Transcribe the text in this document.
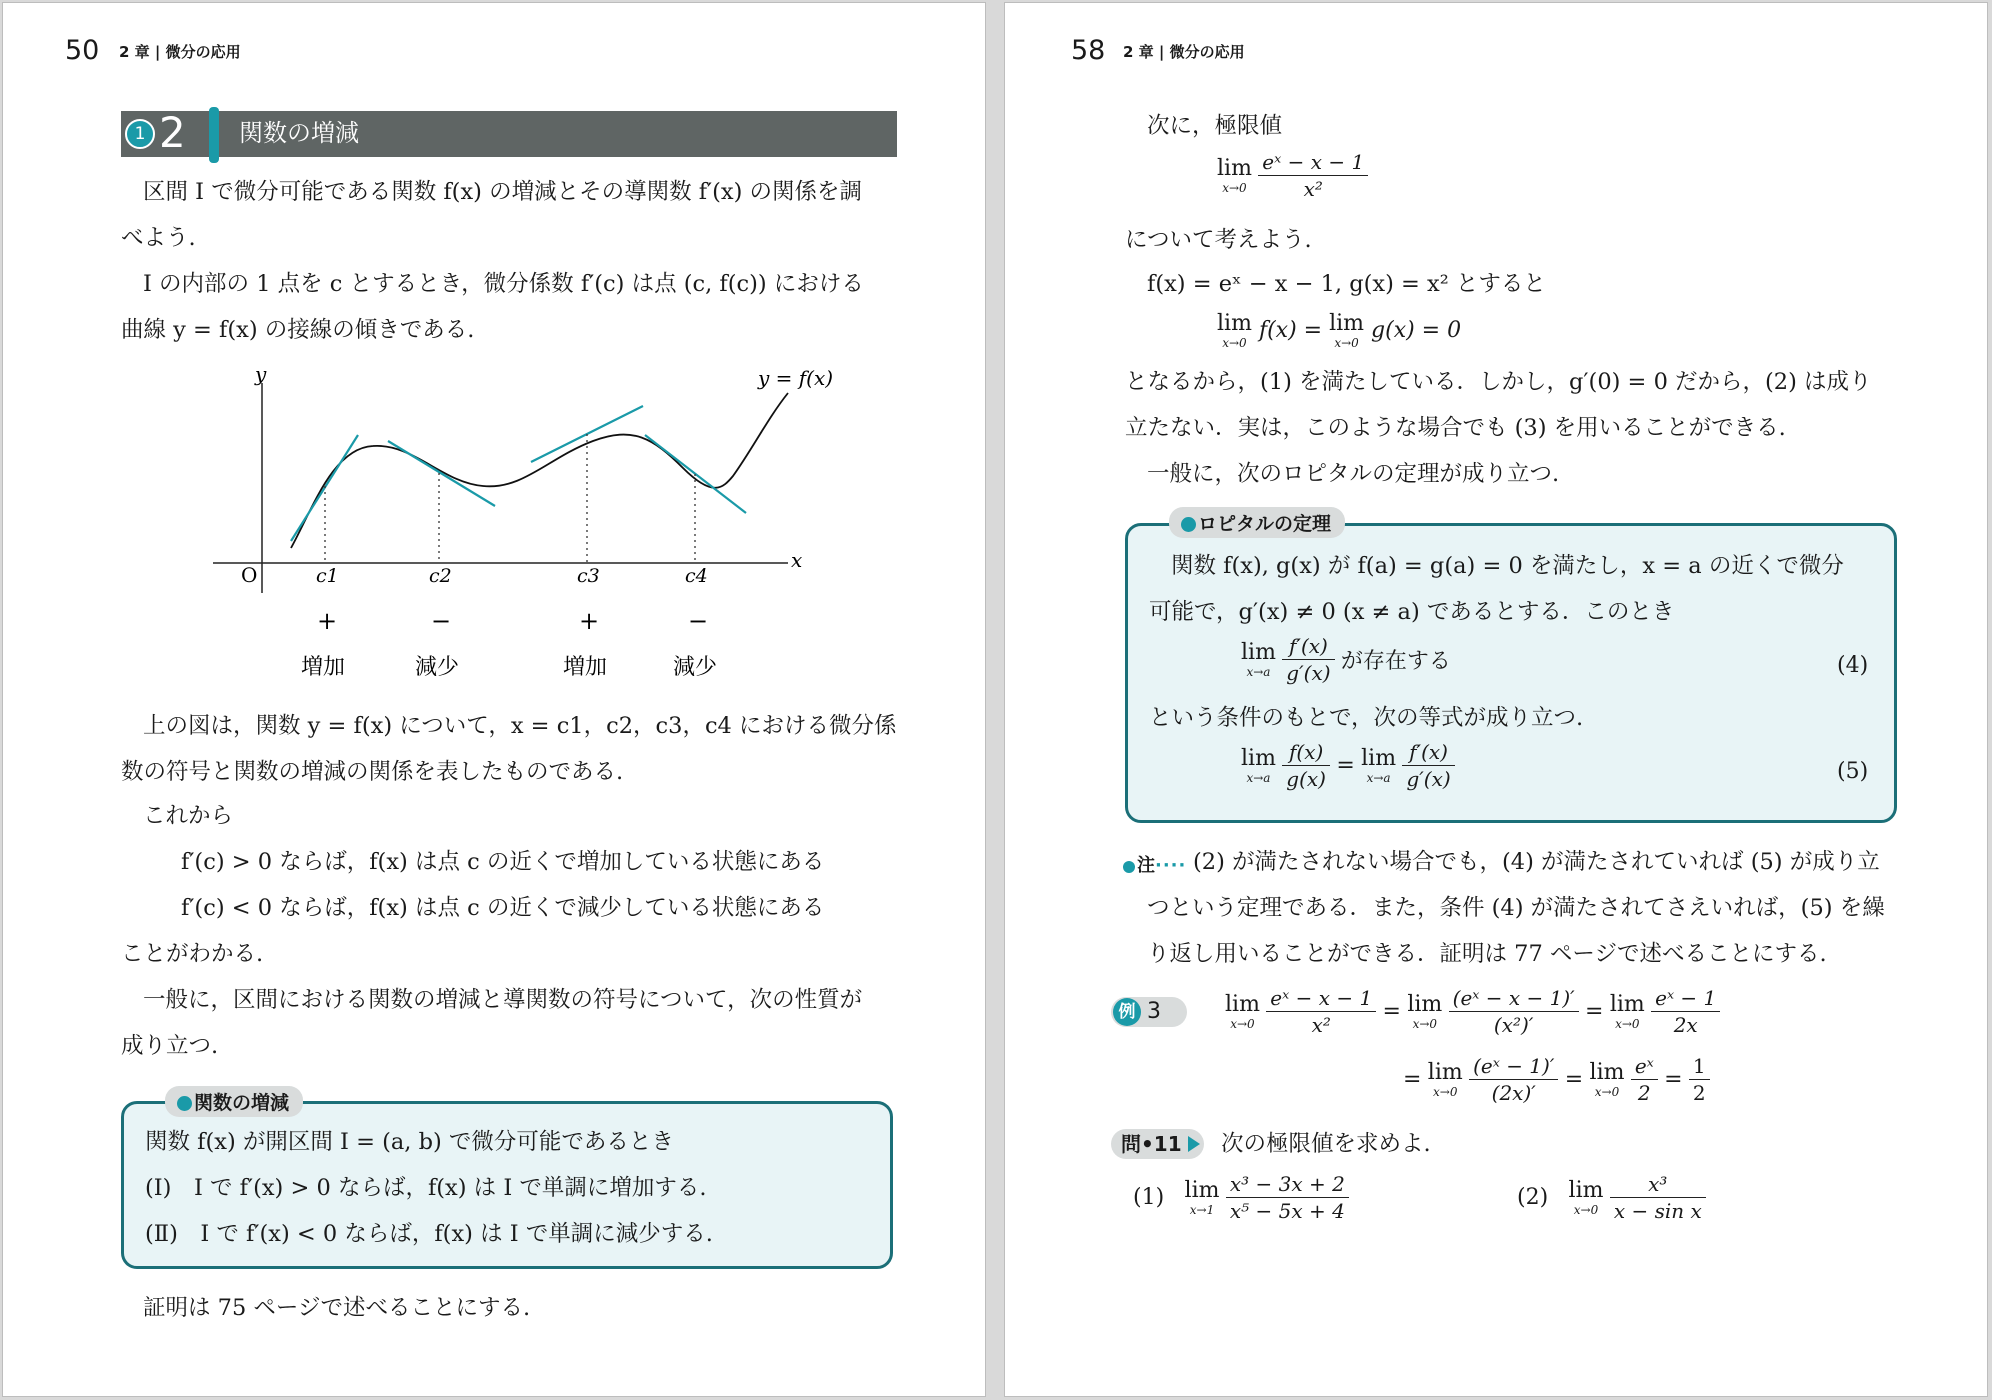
50 2 章 | 微分の応用
1 2 関数の増減
区間 I で微分可能である関数 f(x) の増減とその導関数 f′(x) の関係を調
べよう.
I の内部の 1 点を c とするとき，微分係数 f′(c) は点 (c, f(c)) における
曲線 y = f(x) の接線の傾きである.
y
x
O
y = f(x)
c1	c2	c3	c4
+	−	+	−
増加	減少	増加	減少
上の図は，関数 y = f(x) について，x = c1，c2，c3，c4 における微分係
数の符号と関数の増減の関係を表したものである.
これから
f′(c) > 0 ならば，f(x) は点 c の近くで増加している状態にある
f′(c) < 0 ならば，f(x) は点 c の近くで減少している状態にある
ことがわかる.
一般に，区間における関数の増減と導関数の符号について，次の性質が
成り立つ.
関数の増減
関数 f(x) が開区間 I = (a, b) で微分可能であるとき
(Ⅰ)　I で f′(x) > 0 ならば，f(x) は I で単調に増加する.
(Ⅱ)　I で f′(x) < 0 ならば，f(x) は I で単調に減少する.
証明は 75 ページで述べることにする.
58 2 章 | 微分の応用
次に，極限値
lim
x→0
$\frac{\text{eˣ − x − 1}}{\text{x²}}$
について考えよう.
f(x) = eˣ − x − 1, g(x) = x² とすると
lim
x→0 f(x) = lim
x→0 g(x) = 0
となるから，(1) を満たしている．しかし，g′(0) = 0 だから，(2) は成り
立たない．実は，このような場合でも (3) を用いることができる.
一般に，次のロピタルの定理が成り立つ.
ロピタルの定理
関数 f(x), g(x) が f(a) = g(a) = 0 を満たし，x = a の近くで微分
可能で，g′(x) ≠ 0 (x ≠ a) であるとする．このとき
lim
x→a
$\frac{f'(x)}{g'(x)}$ が存在する	(4)
という条件のもとで，次の等式が成り立つ.
lim
x→a
$\frac{f(x)}{g(x)} = \lim$
x→a
$\frac{f'(x)}{g'(x)}$	(5)
注···· (2) が満たされない場合でも，(4) が満たされていれば (5) が成り立
つという定理である．また，条件 (4) が満たされてさえいれば，(5) を繰
り返し用いることができる．証明は 77 ページで述べることにする.
例 3	lim
x→0
$\frac{\text{eˣ − x − 1}}{\text{x²}} = \lim$
x→0
$\frac{\text{(eˣ − x − 1)′}}{\text{(x²)′}} = \lim$
x→0
$\frac{\text{eˣ − 1}}{2x}$
= lim
x→0
$\frac{\text{(eˣ − 1)′}}{(2x)'} = \lim$
x→0
$\frac{\text{eˣ}}{2} = \frac{1}{2}$
問•11	次の極限値を求めよ.
(1) lim
x→1
$\frac{\text{x³ − 3x + 2}}{\text{x⁵ − 5x + 4}}$	(2) lim
x→0
$\frac{\text{x³}}{\text{x − sin x}}$
